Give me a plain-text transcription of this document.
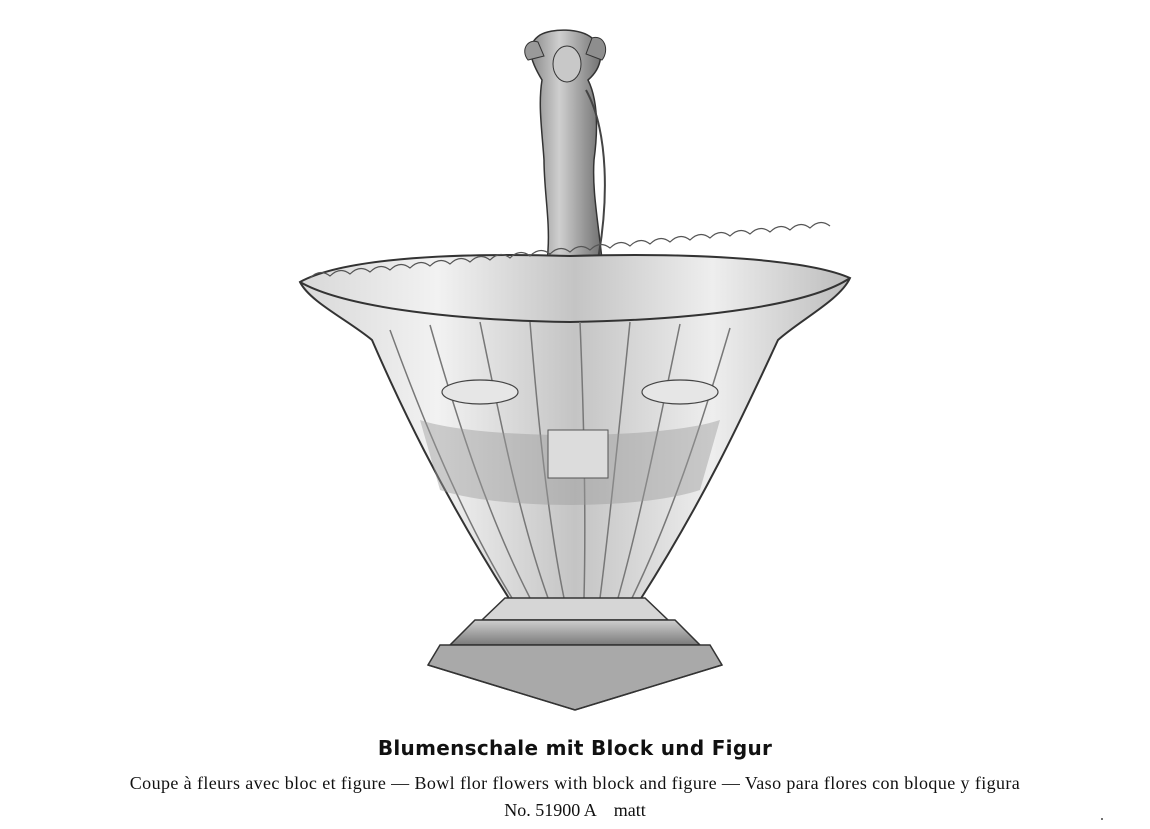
Blumenschale mit Block und Figur

Coupe à fleurs avec bloc et figure — Bowl flor flowers with block and figure — Vaso para flores con bloque y figura

No. 51900 A matt
